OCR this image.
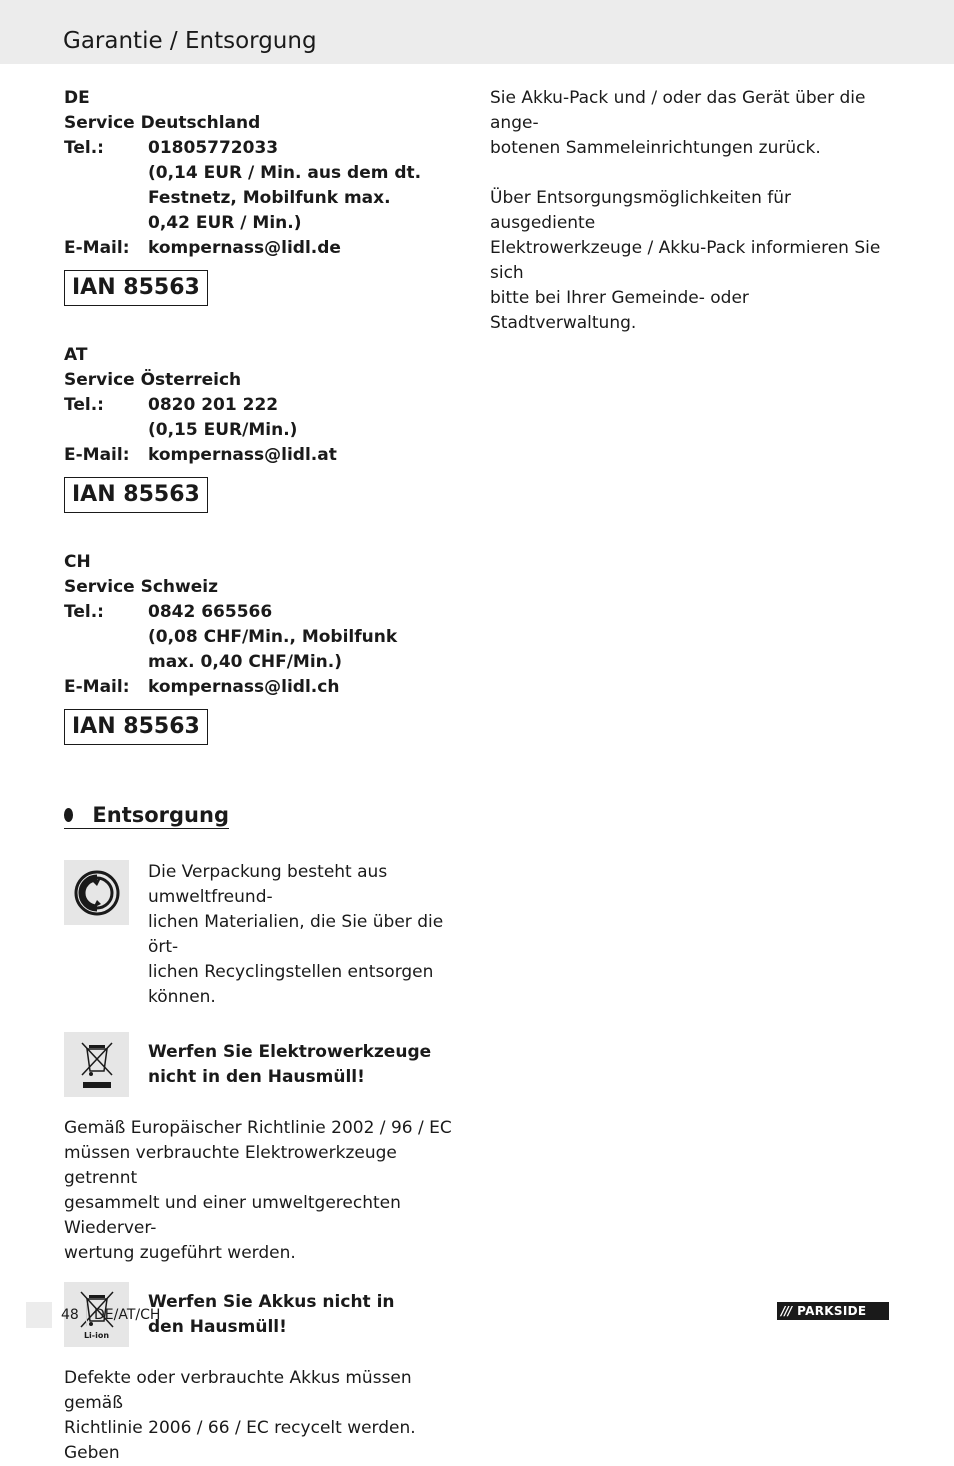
Garantie / Entsorgung
DE
Service Deutschland
Tel.:	01805772033
(0,14 EUR / Min. aus dem dt.
Festnetz, Mobilfunk max.
0,42 EUR / Min.)
E-Mail:	kompernass@lidl.de
IAN 85563
AT
Service Österreich
Tel.:	0820 201 222
(0,15 EUR/Min.)
E-Mail:	kompernass@lidl.at
IAN 85563
CH
Service Schweiz
Tel.:	0842 665566
(0,08 CHF/Min., Mobilfunk
max. 0,40 CHF/Min.)
E-Mail:	kompernass@lidl.ch
IAN 85563
Entsorgung
Die Verpackung besteht aus umweltfreund-
lichen Materialien, die Sie über die ört-
lichen Recyclingstellen entsorgen können.
Werfen Sie Elektrowerkzeuge
nicht in den Hausmüll!
Gemäß Europäischer Richtlinie 2002 / 96 / EC
müssen verbrauchte Elektrowerkzeuge getrennt
gesammelt und einer umweltgerechten Wiederver-
wertung zugeführt werden.
Li-ion
Werfen Sie Akkus nicht in
den Hausmüll!
Defekte oder verbrauchte Akkus müssen gemäß
Richtlinie 2006 / 66 / EC recycelt werden. Geben
Sie Akku-Pack und / oder das Gerät über die ange-
botenen Sammeleinrichtungen zurück.
Über Entsorgungsmöglichkeiten für ausgediente
Elektrowerkzeuge / Akku-Pack informieren Sie sich
bitte bei Ihrer Gemeinde- oder Stadtverwaltung.
48 DE/AT/CH	/// PARKSIDE
